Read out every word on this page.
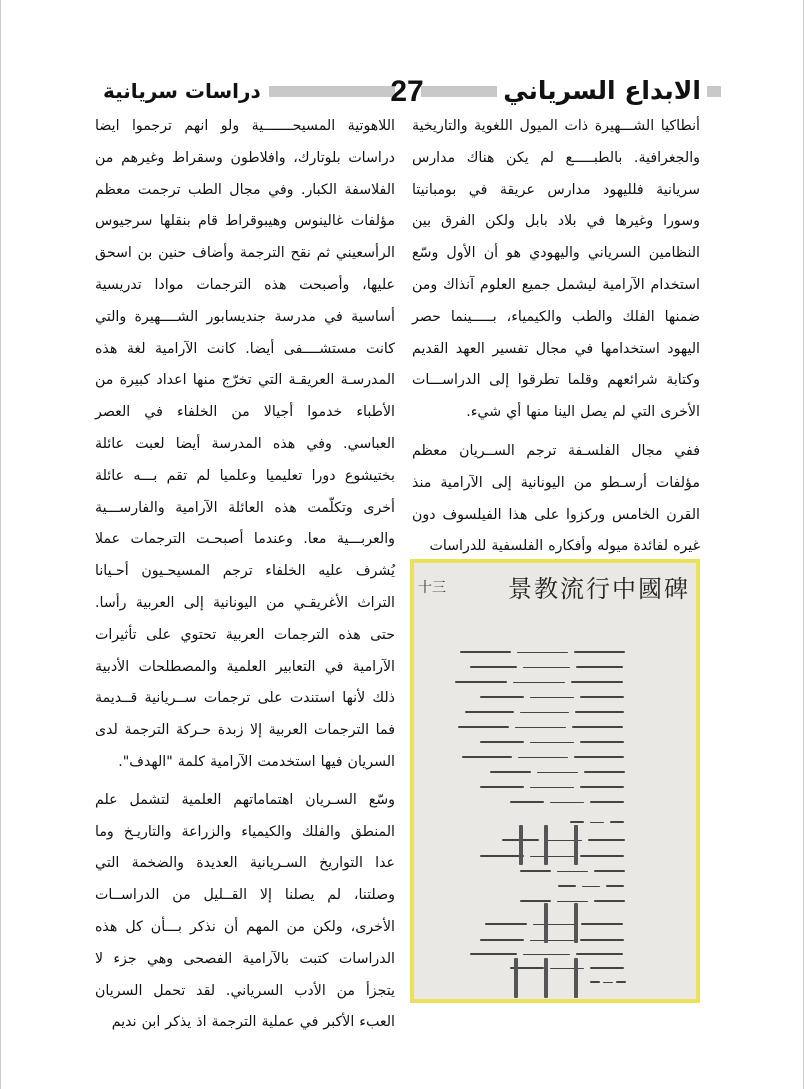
الابداع السرياني
27
دراسات سريانية

أنطاكيا الشـــهيرة ذات الميول اللغوية والتاريخية والجغرافية. بالطبـــــع لم يكن هناك مدارس سريانية فلليهود مدارس عريقة في بومبانيتا وسورا وغيرها في بلاد بابل ولكن الفرق بين النظامين السرياني واليهودي هو أن الأول وسّع استخدام الآرامية ليشمل جميع العلوم آنذاك ومن ضمنها الفلك والطب والكيمياء، بـــــينما حصر اليهود استخدامها في مجال تفسير العهد القديم وكتابة شرائعهم وقلما تطرقوا إلى الدراســـات الأخرى التي لم يصل الينا منها أي شيء.

ففي مجال الفلسـفة ترجم الســريان معظم مؤلفات أرسـطو من اليونانية إلى الآرامية منذ القرن الخامس وركزوا على هذا الفيلسوف دون غيره لفائدة ميوله وأفكاره الفلسفية للدراسات

اللاهوتية المسيحـــــــية ولو انهم ترجموا ايضا دراسات بلوتارك، وافلاطون وسقراط وغيرهم من الفلاسفة الكبار. وفي مجال الطب ترجمت معظم مؤلفات غالينوس وهيبوقراط قام بنقلها سرجيوس الرأسعيني ثم نقح الترجمة وأضاف حنين بن اسحق عليها، وأصبحت هذه الترجمات موادا تدريسية أساسية في مدرسة جنديسابور الشــــهيرة والتي كانت مستشــــفى أيضا. كانت الآرامية لغة هذه المدرسـة العريقـة التي تخرّج منها اعداد كبيرة من الأطباء خدموا أجيالا من الخلفاء في العصر العباسي. وفي هذه المدرسة أيضا لعبت عائلة بختيشوع دورا تعليميا وعلميا لم تقم بـــه عائلة أخرى وتكلّمت هذه العائلة الآرامية والفارســـية والعربـــية معا. وعندما أصبحـت الترجمات عملا يُشرف عليه الخلفاء ترجم المسيحـيون أحـيانا التراث الأغريقـي من اليونانية إلى العربية رأسا. حتى هذه الترجمات العربية تحتوي على تأثيرات الآرامية في التعابير العلمية والمصطلحات الأدبية ذلك لأنها استندت على ترجمات ســريانية قــديمة فما الترجمات العربية إلا زبدة حـركة الترجمة لدى السريان فيها استخدمت الآرامية كلمة "الهدف".

وسّع السـريان اهتماماتهم العلمية لتشمل علم المنطق والفلك والكيمياء والزراعة والتاريـخ وما عدا التواريخ السـريانية العديدة والضخمة التي وصلتنا، لم يصلنا إلا القــليل من الدراســات الأخرى، ولكن من المهم أن نذكر بـــأن كل هذه الدراسات كتبت بالآرامية الفصحى وهي جزء لا يتجزأ من الأدب السرياني. لقد تحمل السريان العبء الأكبر في عملية الترجمة اذ يذكر ابن نديم

景教流行中國碑
十三
